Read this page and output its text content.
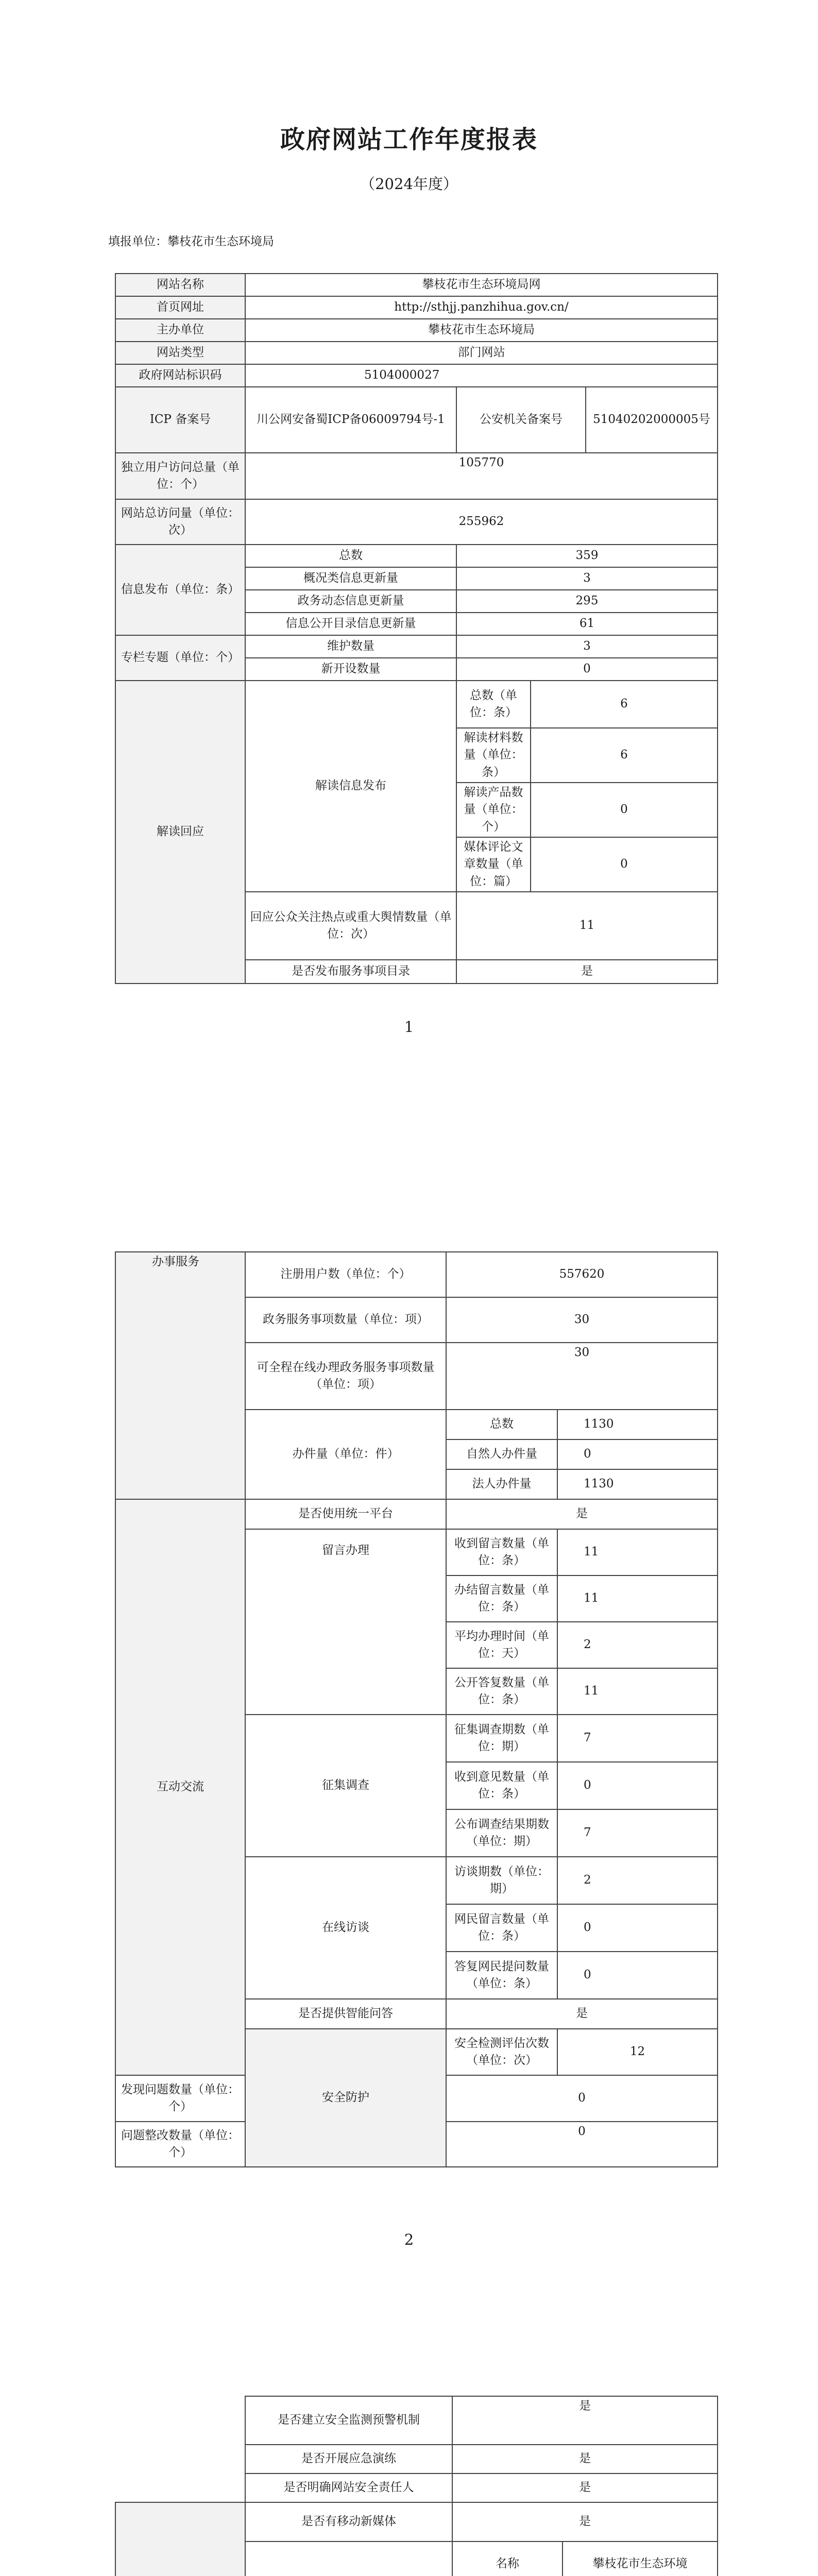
政府网站工作年度报表
（2024年度）
填报单位：攀枝花市生态环境局
网站名称	攀枝花市生态环境局网			
首页网址	http://sthjj.panzhihua.gov.cn/			
主办单位	攀枝花市生态环境局			
网站类型	部门网站			
政府网站标识码	5104000027			
ICP 备案号	川公网安备蜀ICP备06009794号-1	公安机关备案号		51040202000005号
独立用户访问总量（单位：个）	105770			
网站总访问量（单位：次）	255962			
信息发布（单位：条）	总数	359		
	概况类信息更新量	3		
	政务动态信息更新量	295		
	信息公开目录信息更新量	61		
专栏专题（单位：个）	维护数量	3		
	新开设数量	0		
解读回应	解读信息发布	总数（单位：条）	6	
		解读材料数量（单位：条）	6	
		解读产品数量（单位：个）	0	
		媒体评论文章数量（单位：篇）	0	
	回应公众关注热点或重大舆情数量（单位：次）	11		
	是否发布服务事项目录	是		
1
办事服务	注册用户数（单位：个）	557620	
	政务服务事项数量（单位：项）	30	
	可全程在线办理政务服务事项数量（单位：项）	30	
	办件量（单位：件）	总数	1130
		自然人办件量	0
		法人办件量	1130
互动交流	是否使用统一平台	是	
	留言办理	收到留言数量（单位：条）	11
		办结留言数量（单位：条）	11
		平均办理时间（单位：天）	2
		公开答复数量（单位：条）	11
	征集调查	征集调查期数（单位：期）	7
		收到意见数量（单位：条）	0
		公布调查结果期数（单位：期）	7
	在线访谈	访谈期数（单位：期）	2
		网民留言数量（单位：条）	0
		答复网民提问数量（单位：条）	0
	是否提供智能问答	是	
	安全防护	安全检测评估次数（单位：次）	12
发现问题数量（单位：个）		0	
问题整改数量（单位：个）		0	
2
	是否建立安全监测预警机制	是	
	是否开展应急演练	是	
	是否明确网站安全责任人	是	
	是否有移动新媒体	是	
	名称	攀枝花市生态环境
